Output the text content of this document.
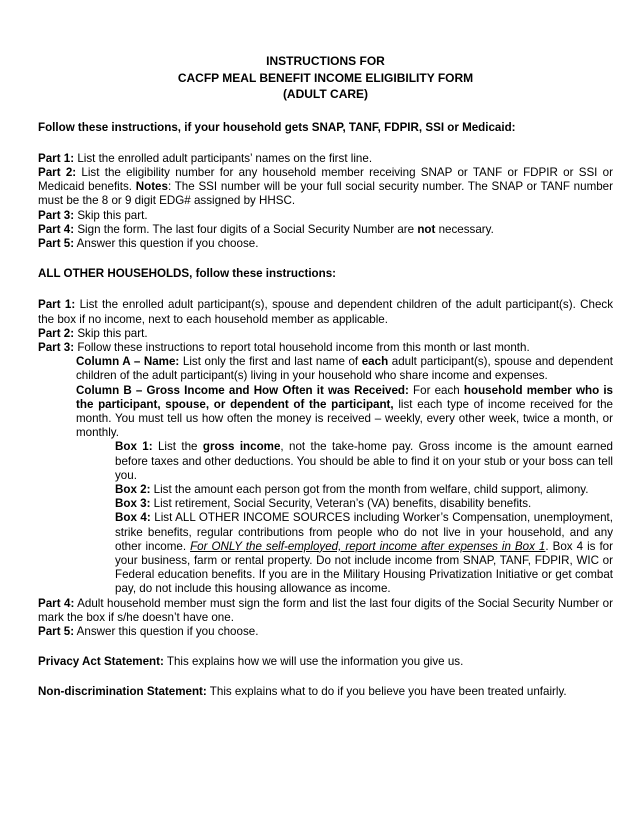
INSTRUCTIONS FOR
CACFP MEAL BENEFIT INCOME ELIGIBILITY FORM
(ADULT CARE)
Follow these instructions, if your household gets SNAP, TANF, FDPIR, SSI or Medicaid:

Part 1: List the enrolled adult participants’ names on the first line.

Part 2: List the eligibility number for any household member receiving SNAP or TANF or FDPIR or SSI or Medicaid benefits. Notes: The SSI number will be your full social security number. The SNAP or TANF number must be the 8 or 9 digit EDG# assigned by HHSC.

Part 3: Skip this part.

Part 4: Sign the form. The last four digits of a Social Security Number are not necessary.

Part 5: Answer this question if you choose.

ALL OTHER HOUSEHOLDS, follow these instructions:

Part 1: List the enrolled adult participant(s), spouse and dependent children of the adult participant(s). Check the box if no income, next to each household member as applicable.

Part 2: Skip this part.

Part 3: Follow these instructions to report total household income from this month or last month.

Column A – Name: List only the first and last name of each adult participant(s), spouse and dependent children of the adult participant(s) living in your household who share income and expenses.

Column B – Gross Income and How Often it was Received: For each household member who is the participant, spouse, or dependent of the participant, list each type of income received for the month. You must tell us how often the money is received – weekly, every other week, twice a month, or monthly.

Box 1: List the gross income, not the take-home pay. Gross income is the amount earned before taxes and other deductions. You should be able to find it on your stub or your boss can tell you.

Box 2: List the amount each person got from the month from welfare, child support, alimony.

Box 3: List retirement, Social Security, Veteran’s (VA) benefits, disability benefits.

Box 4: List ALL OTHER INCOME SOURCES including Worker’s Compensation, unemployment, strike benefits, regular contributions from people who do not live in your household, and any other income. For ONLY the self-employed, report income after expenses in Box 1. Box 4 is for your business, farm or rental property. Do not include income from SNAP, TANF, FDPIR, WIC or Federal education benefits. If you are in the Military Housing Privatization Initiative or get combat pay, do not include this housing allowance as income.

Part 4: Adult household member must sign the form and list the last four digits of the Social Security Number or mark the box if s/he doesn’t have one.

Part 5: Answer this question if you choose.

Privacy Act Statement: This explains how we will use the information you give us.

Non-discrimination Statement: This explains what to do if you believe you have been treated unfairly.
